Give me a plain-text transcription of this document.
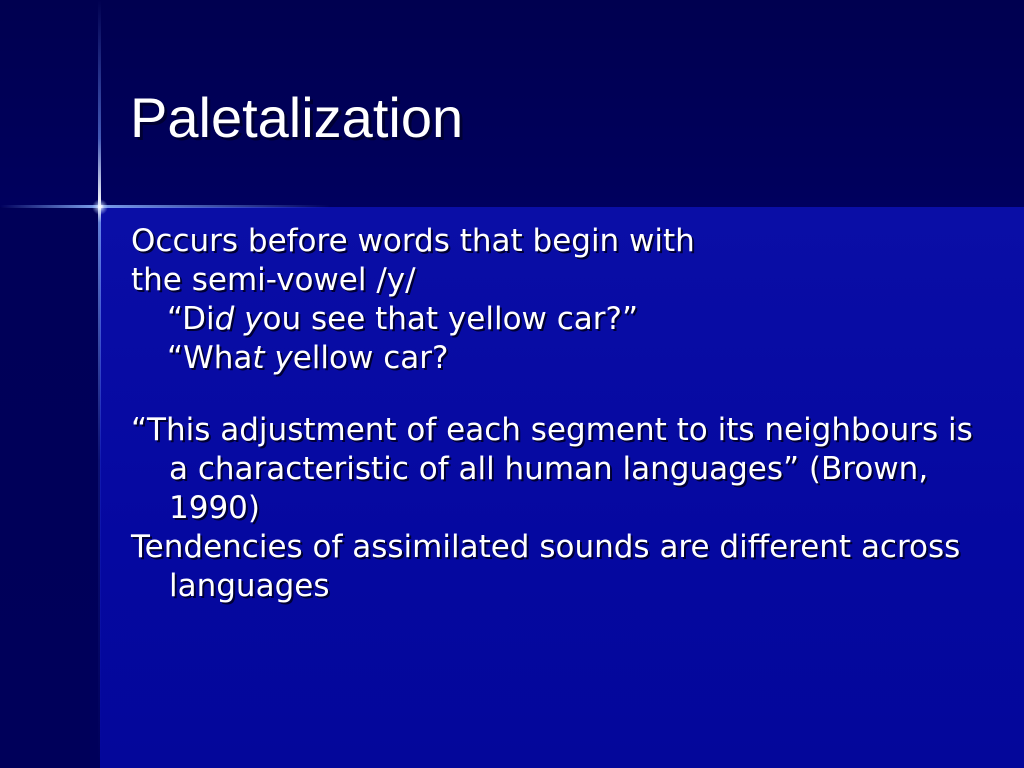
Paletalization
Occurs before words that begin with
the semi-vowel /y/
“Did you see that yellow car?”
“What yellow car?
“This adjustment of each segment to its neighbours is a characteristic of all human languages” (Brown, 1990)
Tendencies of assimilated sounds are different across languages
